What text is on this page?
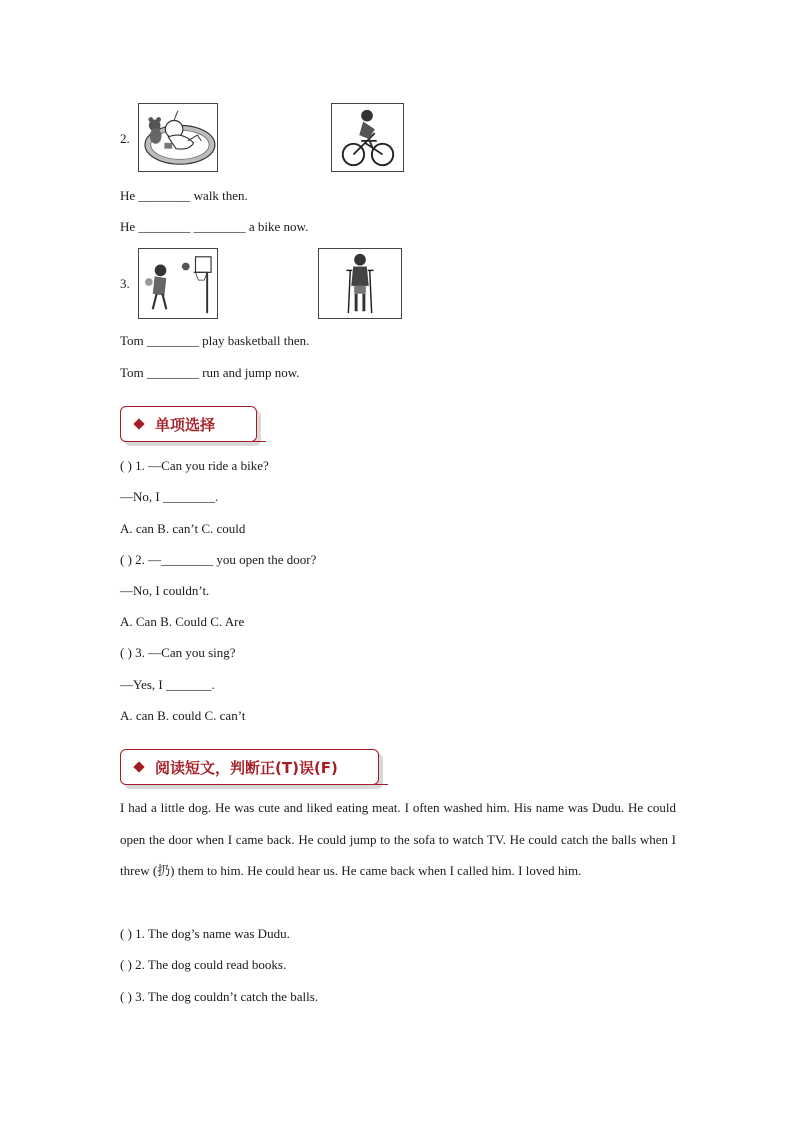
2.
He ________ walk then.
He ________ ________ a bike now.
3.
Tom ________ play basketball then.
Tom ________ run and jump now.
单项选择
( ) 1. —Can you ride a bike?
—No, I ________.
A. can B. can’t C. could
( ) 2. —________ you open the door?
—No, I couldn’t.
A. Can B. Could C. Are
( ) 3. —Can you sing?
—Yes, I _______.
A. can B. could C. can’t
阅读短文，判断正(T)误(F)
I had a little dog. He was cute and liked eating meat. I often washed him. His name was Dudu. He could open the door when I came back. He could jump to the sofa to watch TV. He could catch the balls when I threw (扔) them to him. He could hear us. He came back when I called him. I loved him.
( ) 1. The dog’s name was Dudu.
( ) 2. The dog could read books.
( ) 3. The dog couldn’t catch the balls.
